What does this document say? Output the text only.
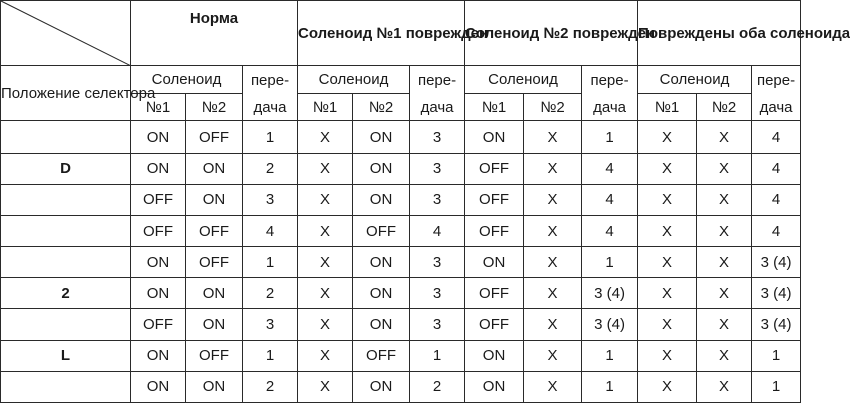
	Норма			Соленоид №1 поврежден			Соленоид №2 поврежден			Повреждены оба соленоида		
Положение селектора	Соленоид		пере-	Соленоид		пере-	Соленоид		пере-	Соленоид		пере-
	№1	№2	дача	№1	№2	дача	№1	№2	дача	№1	№2	дача
	ON	OFF	1	X	ON	3	ON	X	1	X	X	4
D	ON	ON	2	X	ON	3	OFF	X	4	X	X	4
	OFF	ON	3	X	ON	3	OFF	X	4	X	X	4
	OFF	OFF	4	X	OFF	4	OFF	X	4	X	X	4
	ON	OFF	1	X	ON	3	ON	X	1	X	X	3 (4)
2	ON	ON	2	X	ON	3	OFF	X	3 (4)	X	X	3 (4)
	OFF	ON	3	X	ON	3	OFF	X	3 (4)	X	X	3 (4)
L	ON	OFF	1	X	OFF	1	ON	X	1	X	X	1
	ON	ON	2	X	ON	2	ON	X	1	X	X	1
